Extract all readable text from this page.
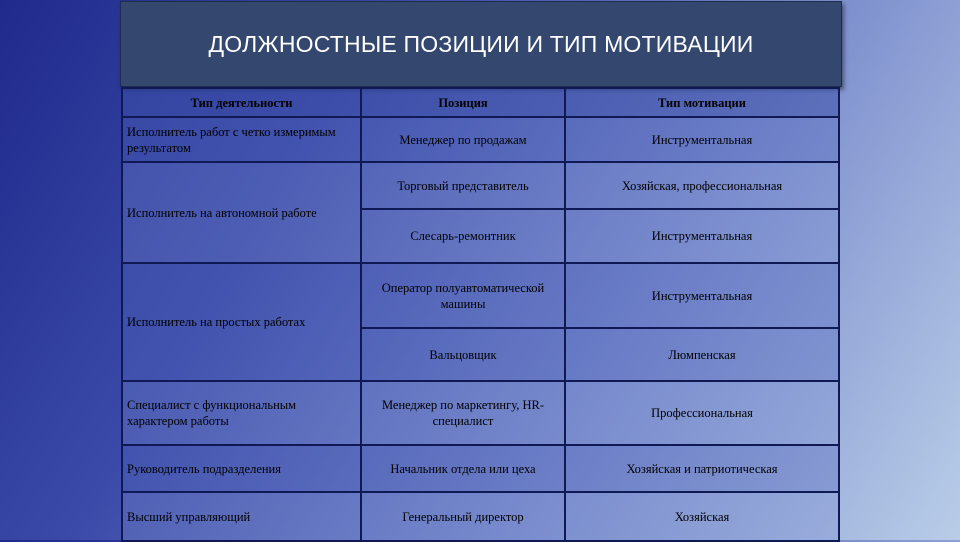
ДОЛЖНОСТНЫЕ ПОЗИЦИИ И ТИП МОТИВАЦИИ
Тип деятельности	Позиция	Тип мотивации
Исполнитель работ с четко измеримым результатом	Менеджер по продажам	Инструментальная
Исполнитель на автономной работе	Торговый представитель	Хозяйская, профессиональная
	Слесарь-ремонтник	Инструментальная
Исполнитель на простых работах	Оператор полуавтоматической машины	Инструментальная
	Вальцовщик	Люмпенская
Специалист с функциональным характером работы	Менеджер по маркетингу, HR-специалист	Профессиональная
Руководитель подразделения	Начальник отдела или цеха	Хозяйская и патриотическая
Высший управляющий	Генеральный директор	Хозяйская
